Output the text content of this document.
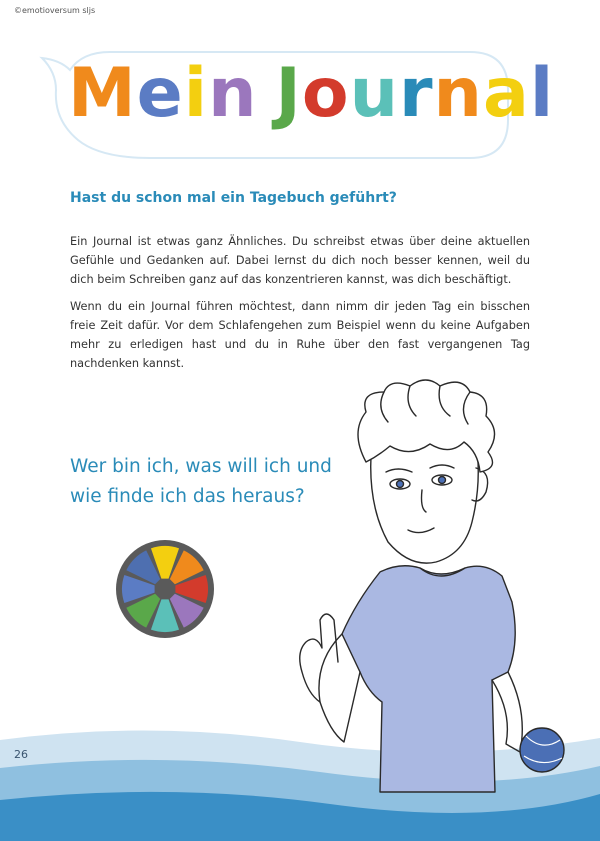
©emotioversum sljs
Mein Journal
Hast du schon mal ein Tagebuch geführt?

Ein Journal ist etwas ganz Ähnliches. Du schreibst etwas über deine aktuellen Gefühle und Gedanken auf. Dabei lernst du dich noch besser kennen, weil du dich beim Schreiben ganz auf das konzentrieren kannst, was dich beschäftigt.

Wenn du ein Journal führen möchtest, dann nimm dir jeden Tag ein bisschen freie Zeit dafür. Vor dem Schlafengehen zum Beispiel wenn du keine Aufgaben mehr zu erledigen hast und du in Ruhe über den fast vergangenen Tag nachdenken kannst.

Wer bin ich, was will ich und wie finde ich das heraus?

26
